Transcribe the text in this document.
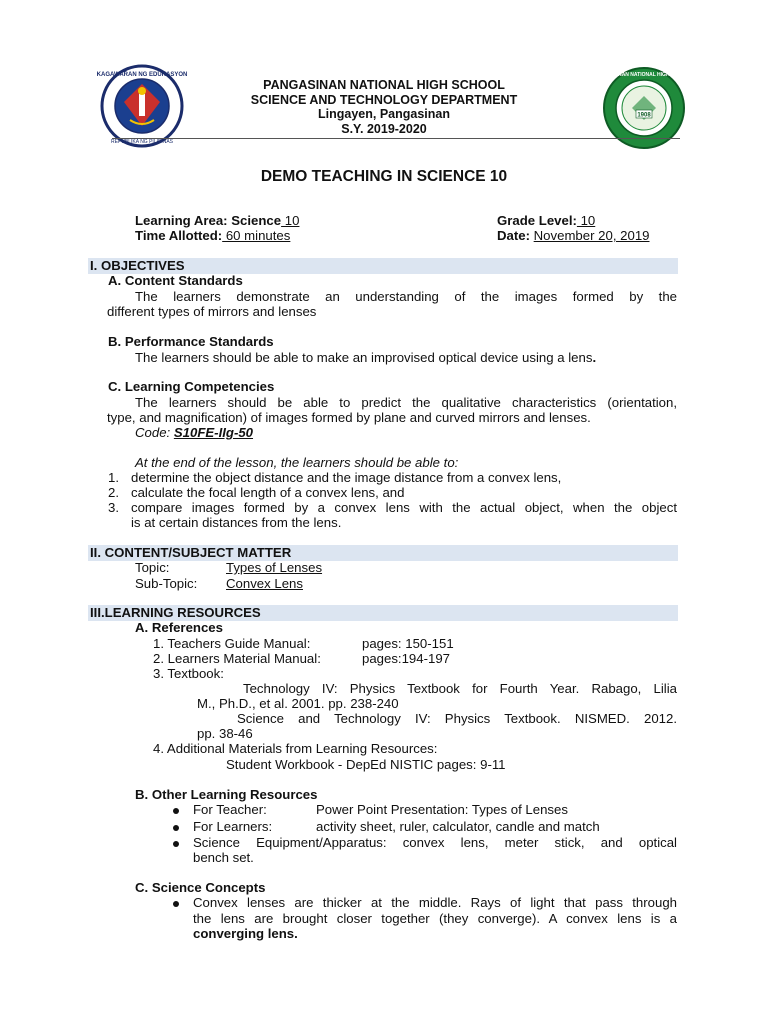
KAGAWARAN NG EDUKASYON
REPUBLIKA NG PILIPINAS
1908
PANGASINAN NATIONAL HIGH SCHOOL
PANGASINAN NATIONAL HIGH SCHOOL
SCIENCE AND TECHNOLOGY DEPARTMENT
Lingayen, Pangasinan
S.Y. 2019-2020
DEMO TEACHING IN SCIENCE 10
Learning Area: Science 10	Grade Level: 10
Time Allotted: 60 minutes	Date: November 20, 2019
I. OBJECTIVES
A. Content Standards
The learners demonstrate an understanding of the images formed by the
different types of mirrors and lenses
B. Performance Standards
The learners should be able to make an improvised optical device using a lens.
C. Learning Competencies
The learners should be able to predict the qualitative characteristics (orientation,
type, and magnification) of images formed by plane and curved mirrors and lenses.
Code: S10FE-IIg-50
At the end of the lesson, the learners should be able to:
1. determine the object distance and the image distance from a convex lens,
2. calculate the focal length of a convex lens, and
3. compare images formed by a convex lens with the actual object, when the object
is at certain distances from the lens.
II. CONTENT/SUBJECT MATTER
Topic:	Types of Lenses
Sub-Topic: Convex Lens
III.LEARNING RESOURCES
A. References
1. Teachers Guide Manual:	pages: 150-151
2. Learners Material Manual:	pages:194-197
3. Textbook:
Technology IV: Physics Textbook for Fourth Year. Rabago, Lilia
M., Ph.D., et al. 2001. pp. 238-240
Science and Technology IV: Physics Textbook. NISMED. 2012.
pp. 38-46
4. Additional Materials from Learning Resources:
Student Workbook - DepEd NISTIC pages: 9-11
B. Other Learning Resources
For Teacher:	Power Point Presentation: Types of Lenses
For Learners:	activity sheet, ruler, calculator, candle and match
Science Equipment/Apparatus: convex lens, meter stick, and optical
bench set.
C. Science Concepts
Convex lenses are thicker at the middle. Rays of light that pass through
the lens are brought closer together (they converge). A convex lens is a
converging lens.
